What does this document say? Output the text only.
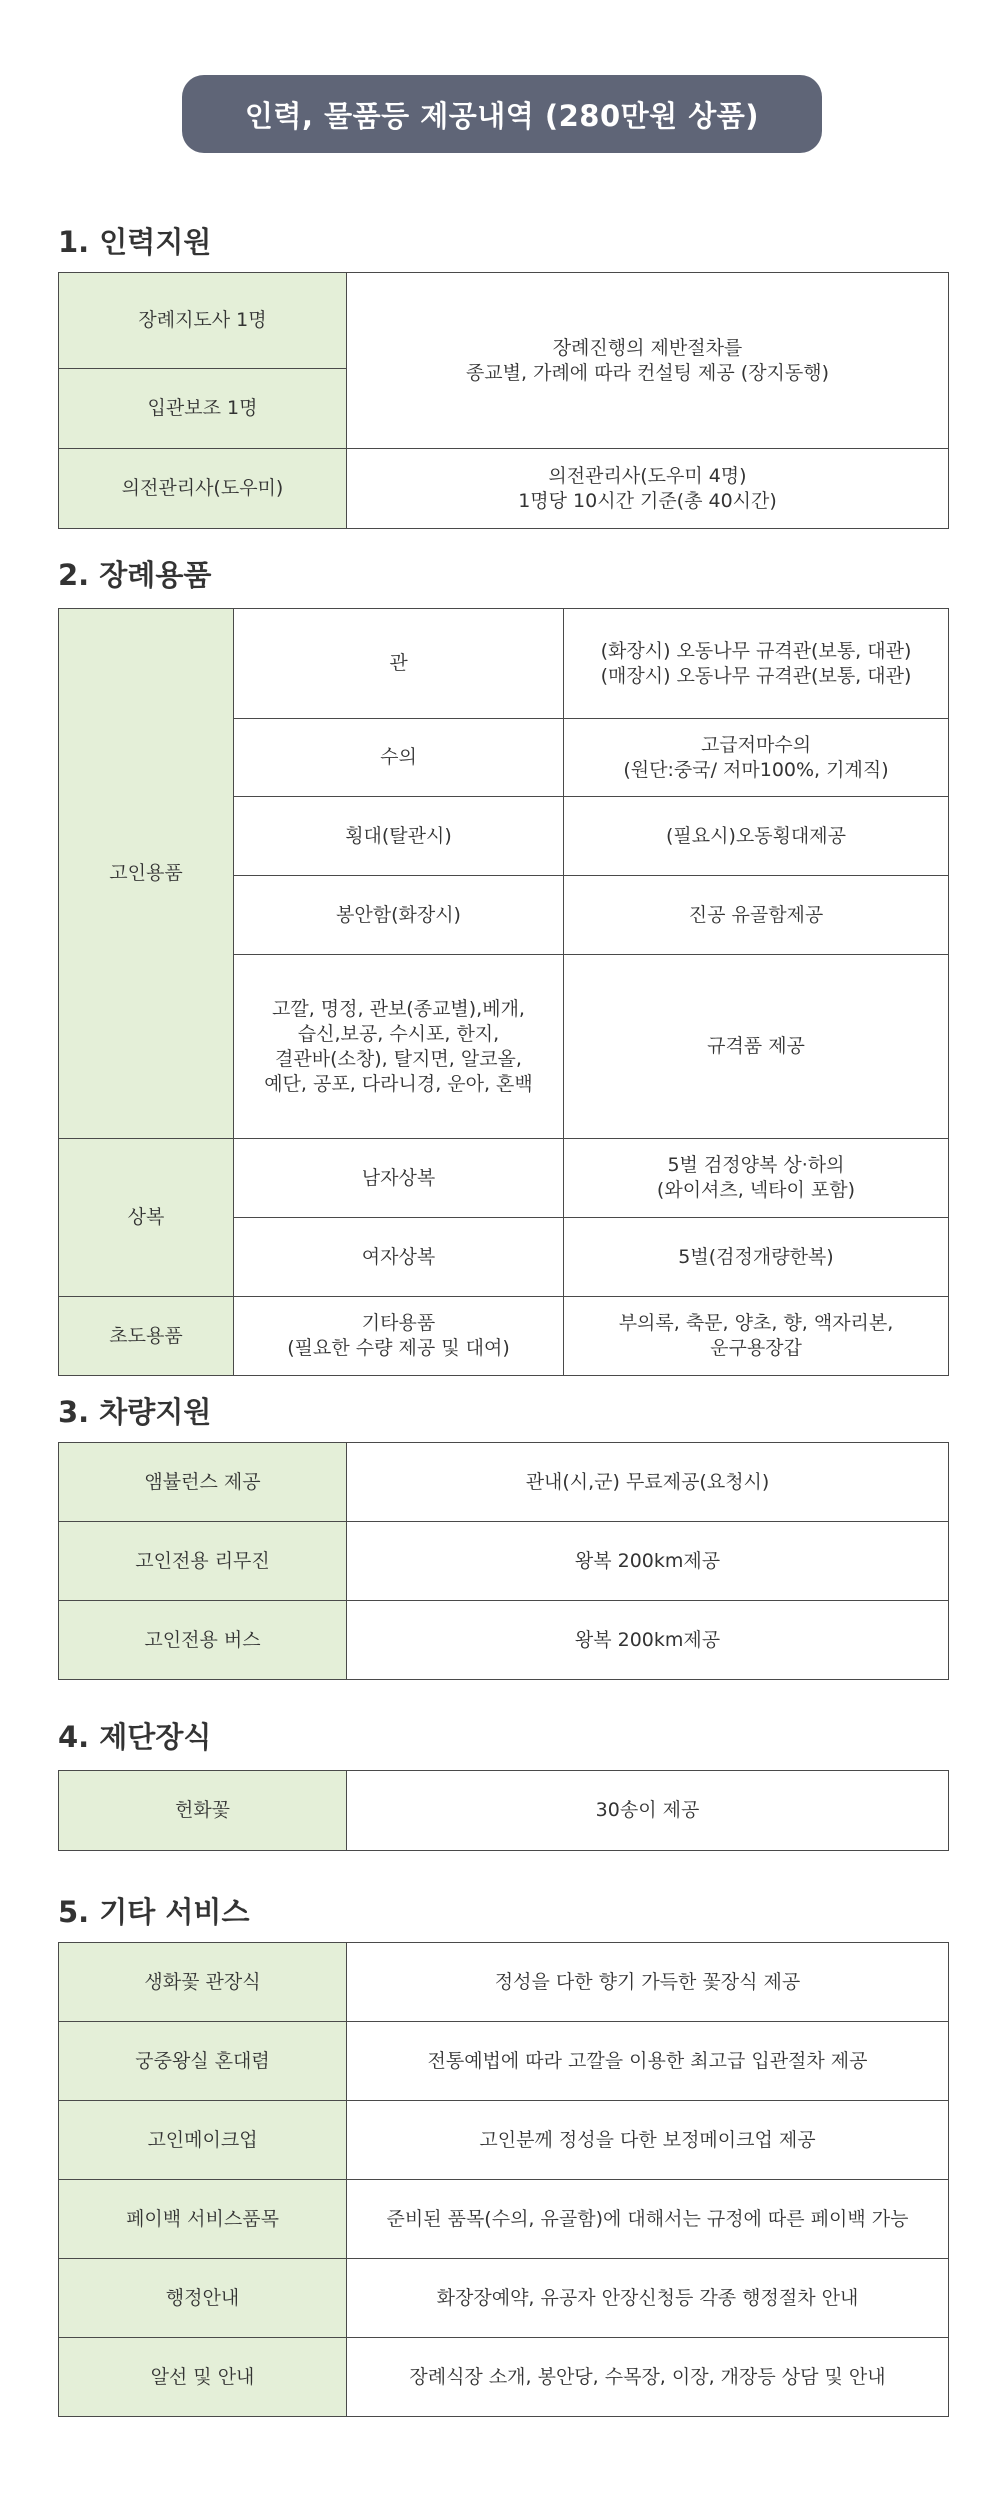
인력, 물품등 제공내역 (280만원 상품)
1. 인력지원
장례지도사 1명	장례진행의 제반절차를
종교별, 가례에 따라 컨설팅 제공 (장지동행)

입관보조 1명	
의전관리사(도우미)	의전관리사(도우미 4명)
1명당 10시간 기준(총 40시간)
2. 장례용품
고인용품	관	(화장시) 오동나무 규격관(보통, 대관)
(매장시) 오동나무 규격관(보통, 대관)

	수의	고급저마수의
(원단:중국/ 저마100%, 기계직)

	횡대(탈관시)	(필요시)오동횡대제공

	봉안함(화장시)	진공 유골함제공

	고깔, 명정, 관보(종교별),베개,
습신,보공, 수시포, 한지,
결관바(소창), 탈지면, 알코올,
예단, 공포, 다라니경, 운아, 혼백	규격품 제공

상복	남자상복	5벌 검정양복 상·하의
(와이셔츠, 넥타이 포함)

	여자상복	5벌(검정개량한복)

초도용품	기타용품
(필요한 수량 제공 및 대여)	부의록, 축문, 양초, 향, 액자리본,
운구용장갑
3. 차량지원
앰뷸런스 제공	관내(시,군) 무료제공(요청시)
고인전용 리무진	왕복 200km제공
고인전용 버스	왕복 200km제공
4. 제단장식
헌화꽃	30송이 제공
5. 기타 서비스
생화꽃 관장식	정성을 다한 향기 가득한 꽃장식 제공
궁중왕실 혼대렴	전통예법에 따라 고깔을 이용한 최고급 입관절차 제공
고인메이크업	고인분께 정성을 다한 보정메이크업 제공
페이백 서비스품목	준비된 품목(수의, 유골함)에 대해서는 규정에 따른 페이백 가능
행정안내	화장장예약, 유공자 안장신청등 각종 행정절차 안내
알선 및 안내	장례식장 소개, 봉안당, 수목장, 이장, 개장등 상담 및 안내
